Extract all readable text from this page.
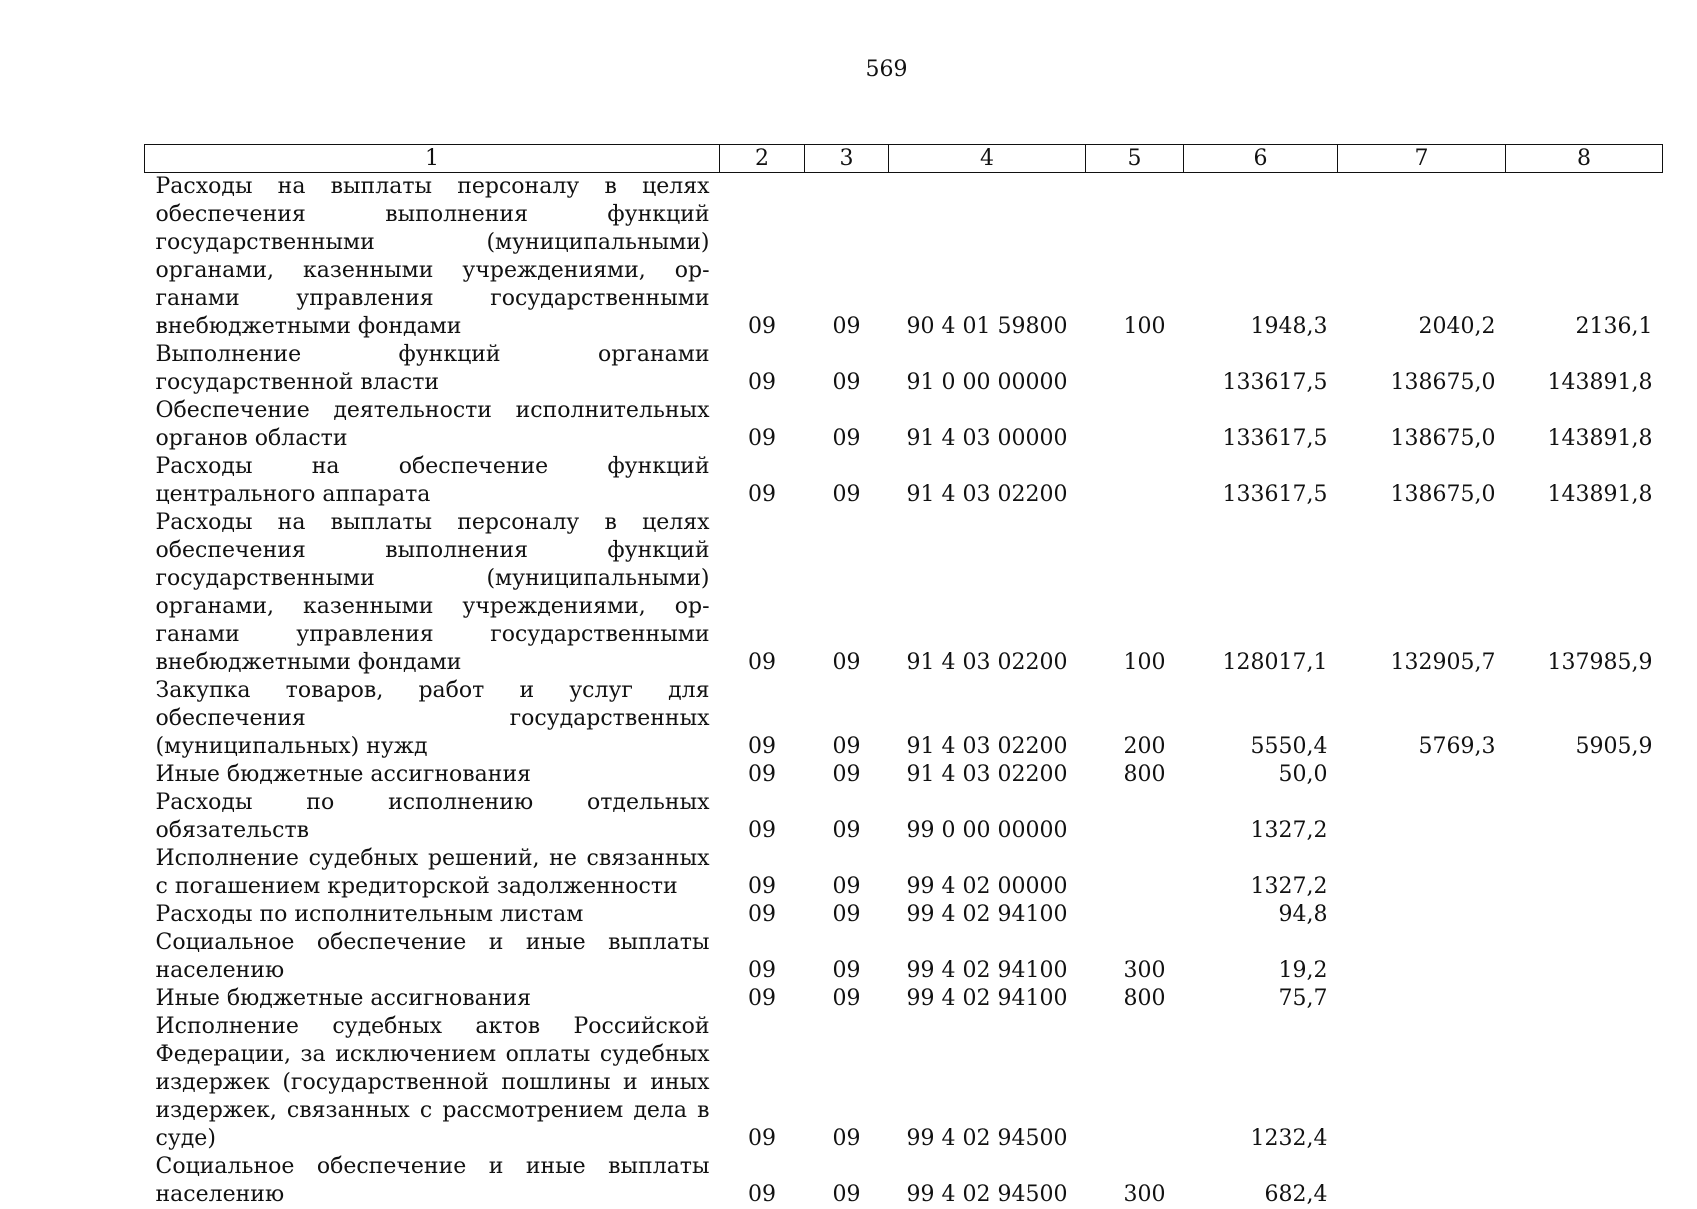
569
1	2	3	4	5	6	7	8
Расходы на выплаты персоналу в целях обеспечения выполнения функций государственными (муниципальными) органами, казенными учреждениями, органами управления государственными внебюджетными фондами	09	09	90 4 01 59800	100	1948,3	2040,2	2136,1
Выполнение функций органами государственной власти	09	09	91 0 00 00000		133617,5	138675,0	143891,8
Обеспечение деятельности исполнительных органов области	09	09	91 4 03 00000		133617,5	138675,0	143891,8
Расходы на обеспечение функций центрального аппарата	09	09	91 4 03 02200		133617,5	138675,0	143891,8
Расходы на выплаты персоналу в целях обеспечения выполнения функций государственными (муниципальными) органами, казенными учреждениями, органами управления государственными внебюджетными фондами	09	09	91 4 03 02200	100	128017,1	132905,7	137985,9
Закупка товаров, работ и услуг для обеспечения государственных (муниципальных) нужд	09	09	91 4 03 02200	200	5550,4	5769,3	5905,9
Иные бюджетные ассигнования	09	09	91 4 03 02200	800	50,0		
Расходы по исполнению отдельных обязательств	09	09	99 0 00 00000		1327,2		
Исполнение судебных решений, не связанных с погашением кредиторской задолженности	09	09	99 4 02 00000		1327,2		
Расходы по исполнительным листам	09	09	99 4 02 94100		94,8		
Социальное обеспечение и иные выплаты населению	09	09	99 4 02 94100	300	19,2		
Иные бюджетные ассигнования	09	09	99 4 02 94100	800	75,7		
Исполнение судебных актов Российской Федерации, за исключением оплаты судебных издержек (государственной пошлины и иных издержек, связанных с рассмотрением дела в суде)	09	09	99 4 02 94500		1232,4		
Социальное обеспечение и иные выплаты населению	09	09	99 4 02 94500	300	682,4		
